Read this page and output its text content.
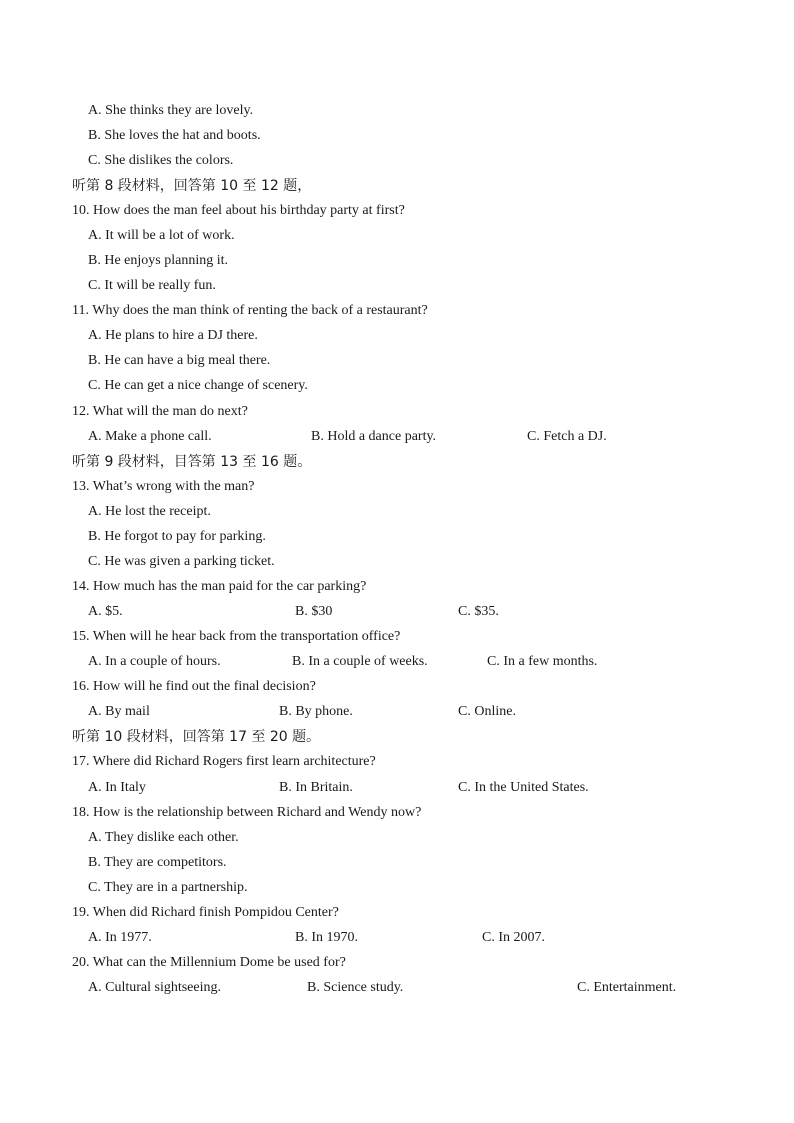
A. She thinks they are lovely.
B. She loves the hat and boots.
C. She dislikes the colors.
听第 8 段材料，回答第 10 至 12 题，
10. How does the man feel about his birthday party at first?
A. It will be a lot of work.
B. He enjoys planning it.
C. It will be really fun.
11. Why does the man think of renting the back of a restaurant?
A. He plans to hire a DJ there.
B. He can have a big meal there.
C. He can get a nice change of scenery.
12. What will the man do next?
A. Make a phone call.	B. Hold a dance party.	C. Fetch a DJ.
听第 9 段材料，目答第 13 至 16 题。
13. What’s wrong with the man?
A. He lost the receipt.
B. He forgot to pay for parking.
C. He was given a parking ticket.
14. How much has the man paid for the car parking?
A. $5.	B. $30	C. $35.
15. When will he hear back from the transportation office?
A. In a couple of hours.	B. In a couple of weeks.	C. In a few months.
16. How will he find out the final decision?
A. By mail	B. By phone.	C. Online.
听第 10 段材料，回答第 17 至 20 题。
17. Where did Richard Rogers first learn architecture?
A. In Italy	B. In Britain.	C. In the United States.
18. How is the relationship between Richard and Wendy now?
A. They dislike each other.
B. They are competitors.
C. They are in a partnership.
19. When did Richard finish Pompidou Center?
A. In 1977.	B. In 1970.	C. In 2007.
20. What can the Millennium Dome be used for?
A. Cultural sightseeing.	B. Science study.	C. Entertainment.
